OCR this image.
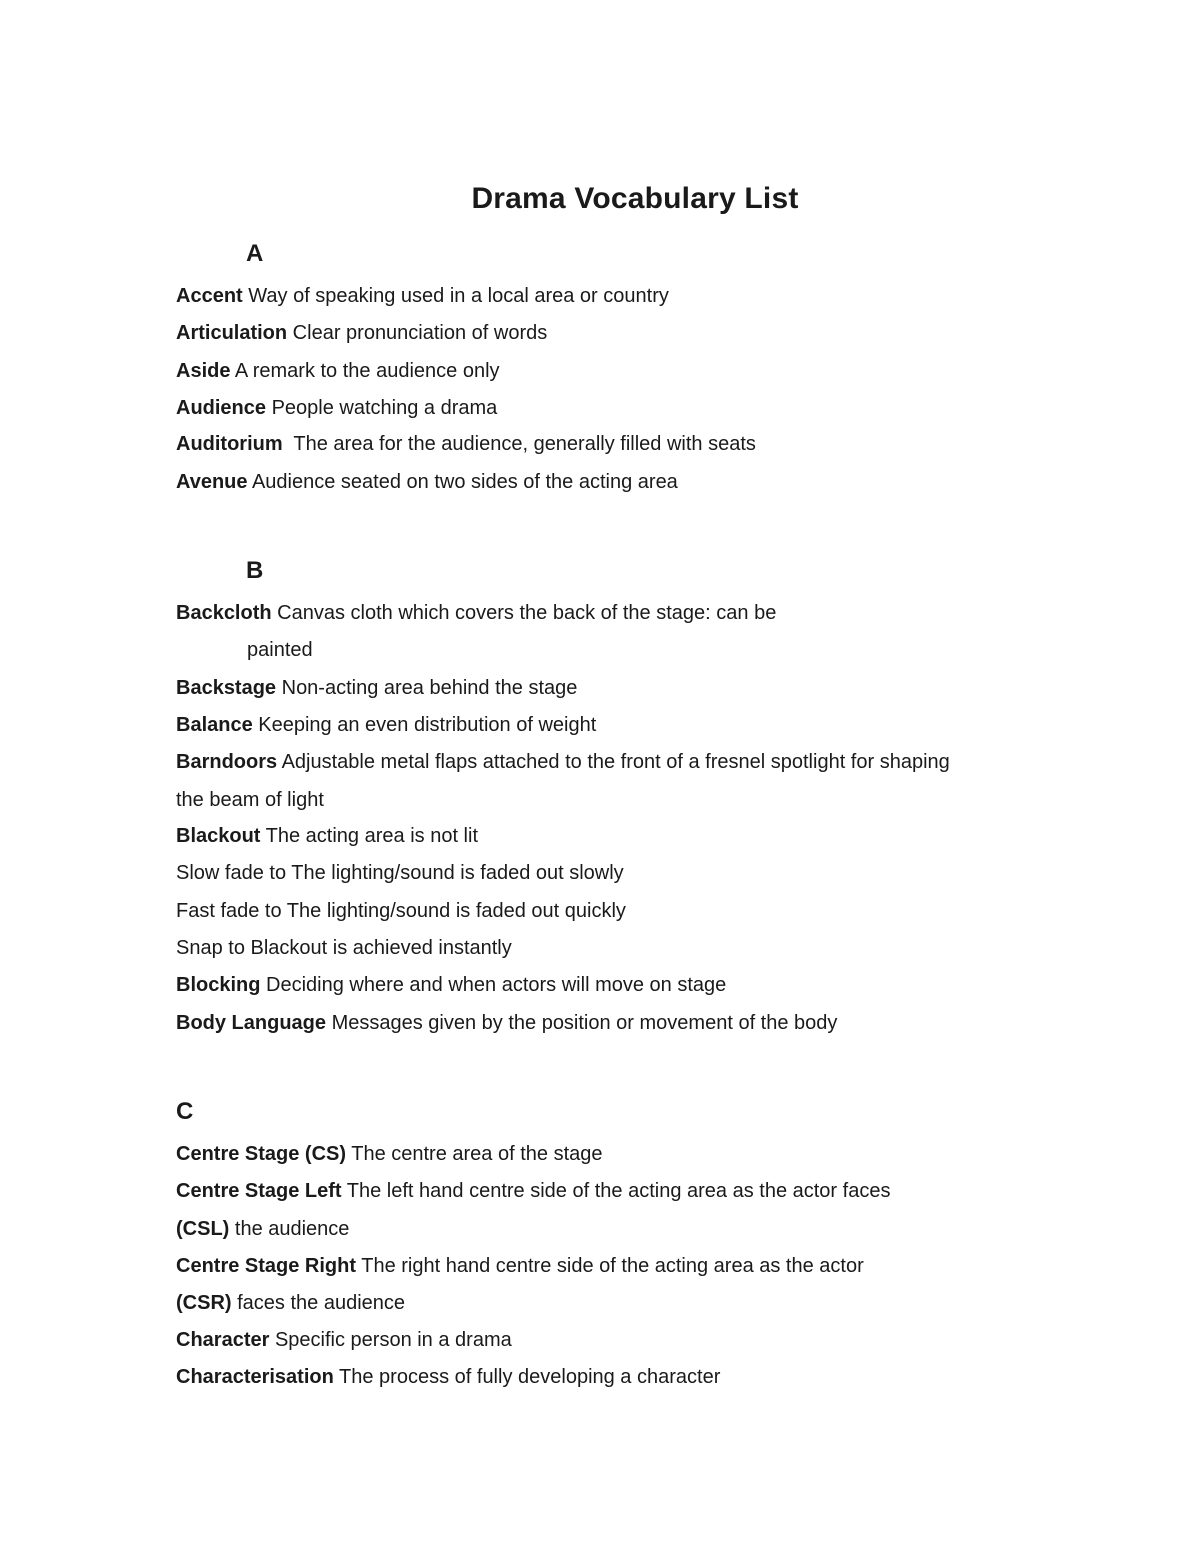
Drama Vocabulary List
A

Accent Way of speaking used in a local area or country

Articulation Clear pronunciation of words

Aside A remark to the audience only

Audience People watching a drama

Auditorium  The area for the audience, generally filled with seats

Avenue Audience seated on two sides of the acting area

B

Backcloth Canvas cloth which covers the back of the stage: can be

painted

Backstage Non-acting area behind the stage

Balance Keeping an even distribution of weight

Barndoors Adjustable metal flaps attached to the front of a fresnel spotlight for shaping

the beam of light

Blackout The acting area is not lit

Slow fade to The lighting/sound is faded out slowly

Fast fade to The lighting/sound is faded out quickly

Snap to Blackout is achieved instantly

Blocking Deciding where and when actors will move on stage

Body Language Messages given by the position or movement of the body

C

Centre Stage (CS) The centre area of the stage

Centre Stage Left The left hand centre side of the acting area as the actor faces

(CSL) the audience

Centre Stage Right The right hand centre side of the acting area as the actor

(CSR) faces the audience

Character Specific person in a drama

Characterisation The process of fully developing a character
